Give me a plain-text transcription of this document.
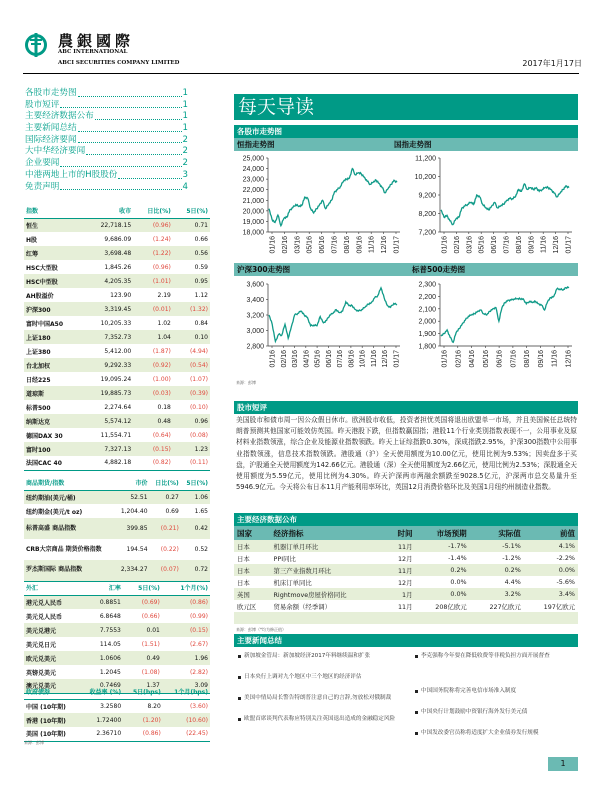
農銀國際
ABC INTERNATIONAL
ABCI SECURITIES COMPANY LIMITED	2017年1月17日
各股市走势图	1
股市短评	1
主要经济数据公布	1
主要新闻总结	1
国际经济要闻	2
大中华经济要闻	2
企业要闻	2
中港两地上市的H股股份	3
免责声明	4
指数	收市	日比(%)	5日(%)
恒生	22,718.15	(0.96)	0.71
H股	9,686.09	(1.24)	0.66
红筹	3,698.48	(1.22)	0.56
HSC大型股	1,845.26	(0.96)	0.59
HSC中型股	4,205.35	(1.01)	0.95
AH股溢价	123.90	2.19	1.12
沪深300	3,319.45	(0.01)	(1.32)
富时中国A50	10,205.33	1.02	0.84
上证180	7,352.73	1.04	0.10
上证380	5,412.00	(1.87)	(4.94)
台北加权	9,292.33	(0.92)	(0.54)
日经225	19,095.24	(1.00)	(1.07)
道琼斯	19,885.73	(0.03)	(0.39)
标普500	2,274.64	0.18	(0.10)
纳斯达克	5,574.12	0.48	0.96
德国DAX 30	11,554.71	(0.64)	(0.08)
富时100	7,327.13	(0.15)	1.23
法国CAC 40	4,882.18	(0.82)	(0.11)
商品期货/指数	市价	日比(%)	5日(%)
纽约期油(美元/桶)	52.51	0.27	1.06
纽约期金(美元/t oz)	1,204.40	0.69	1.65
标普高盛 商品指数	399.85	(0.21)	0.42
CRB大宗商品 期货价格指数	194.54	(0.22)	0.52
罗杰斯国际 商品指数	2,334.27	(0.07)	0.72
外汇	汇率	5日(%)	1个月(%)
港元兑人民币	0.8851	(0.69)	(0.86)
美元兑人民币	6.8648	(0.66)	(0.99)
美元兑港元	7.7553	0.01	(0.15)
美元兑日元	114.05	(1.51)	(2.67)
欧元兑美元	1.0606	0.49	1.96
英镑兑美元	1.2045	(1.08)	(2.82)
澳元兑美元	0.7469	1.37	3.09
政府债券	收益率 (%)	5日(bps)	1个月(bps)
中国 (10年期)	3.2580	8.20	(3.60)
香港 (10年期)	1.72400	(1.20)	(10.60)
美国 (10年期)	2.36710	(0.86)	(22.45)
来源：彭博
每天导读
各股市走势图
恒指走势图	国指走势图
沪深300走势图	标普500走势图
18,000
19,000
20,000
21,000
22,000
23,000
24,000
25,000
01/16 02/16 03/16 05/16 06/16 07/16 08/16 09/16 11/16 12/16 01/17
7,200
8,200
9,200
10,200
11,200
01/16 02/16 03/16 05/16 06/16 07/16 08/16 09/16 11/16 12/16 01/17
2,800
3,000
3,200
3,400
3,600
01/16 02/16 03/16 04/16 05/16 06/16 07/16 08/16 10/16 11/16 12/16 01/17
1,800
1,900
2,000
2,100
2,200
2,300
01/16 02/16 04/16 05/16 06/16 07/16 08/16 09/16 11/16 12/16
来源：彭博
股市短评
美国股市和债市周一因公众假日休市。欧洲股市收低，投资者担忧英国将退出欧盟单一市场，并且美国候任总统特朗普预测其他国家可能效仿英国。昨天港股下跌，但指数赢国指；港股11个行业类别指数表现不一，公用事业及原材料业指数领涨，综合企业及能源业指数领跌。昨天上证综指跌0.30%，深成指跌2.95%，沪深300指数中公用事业指数领涨，信息技术指数领跌。港股通（沪）全天使用额度为10.00亿元，使用比例为9.53%；因卖盘多于买盘，沪股通全天使用额度为142.66亿元。港股通（深）全天使用额度为2.66亿元，使用比例为2.53%；深股通全天使用额度为5.59亿元，使用比例为4.30%。昨天沪深两市两融余额跌至9028.5亿元，沪深两市总交易量升至5946.9亿元。今天将公布日本11月产能利用率环比，英国12月消费价格环比及美国1月纽约州制造业指数。
主要经济数据公布
国家	经济指标	时间	市场预期	实际值	前值
日本	机器订单月环比	11月	-1.7%	-5.1%	4.1%
日本	PPI同比	12月	-1.4%	-1.2%	-2.2%
日本	第三产业指数月环比	11月	0.2%	0.2%	0.0%
日本	机床订单同比	12月	0.0%	4.4%	-5.6%
英国	Rightmove房屋价格同比	1月	0.0%	3.2%	3.4%
欧元区	贸易余额（经季调）	11月	208亿欧元	227亿欧元	197亿欧元

来源：彭博（*均为修正值）
主要新闻总结
新加坡金管局：新加坡经济2017年料继续温和扩张
日本央行上调对九个地区中三个地区的经济评估
美国中情局局长警告特朗普注意自己的言辞,勿放松对俄制裁
欧盟首席谈判代表称应特别关注英国退出造成的金融稳定风险
李克强称今年要在降低收费等非税负担方面开展督查
中国国务院称将完善电信市场准入制度
中国央行计划鼓励中资银行海外发行美元债
中国发改委官员称将适度扩大企业债券发行规模
1
